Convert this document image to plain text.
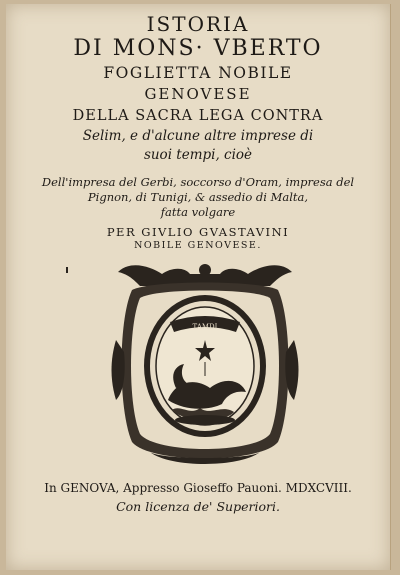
ISTORIA
DI MONS· VBERTO
FOGLIETTA NOBILE
GENOVESE
DELLA SACRA LEGA CONTRA
Selim, e d'alcune altre imprese di
suoi tempi, cioè
Dell'impresa del Gerbi, soccorso d'Oram, impresa del
Pignon, di Tunigi, & assedio di Malta,
fatta volgare
PER GIVLIO GVASTAVINI
NOBILE GENOVESE.
TAMDI
In GENOVA, Appresso Gioseffo Pauoni. MDXCVIII.
Con licenza de' Superiori.
